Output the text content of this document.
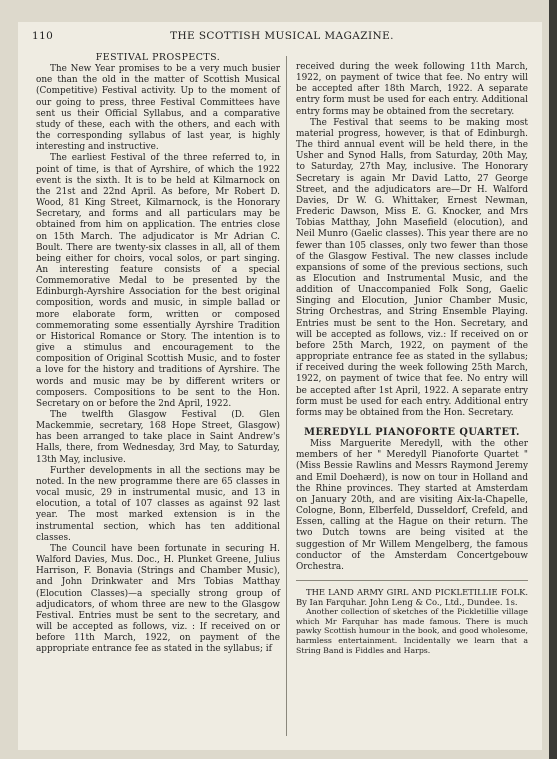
110	THE SCOTTISH MUSICAL MAGAZINE.
FESTIVAL PROSPECTS.

The New Year promises to be a very much busier one than the old in the matter of Scottish Musical (Competitive) Festival activity. Up to the moment of our going to press, three Festival Committees have sent us their Official Syllabus, and a comparative study of these, each with the others, and each with the corresponding syllabus of last year, is highly interesting and instructive.

The earliest Festival of the three referred to, in point of time, is that of Ayrshire, of which the 1922 event is the sixth. It is to be held at Kilmarnock on the 21st and 22nd April. As before, Mr Robert D. Wood, 81 King Street, Kilmarnock, is the Honorary Secretary, and forms and all particulars may be obtained from him on application. The entries close on 15th March. The adjudicator is Mr Adrian C. Boult. There are twenty-six classes in all, all of them being either for choirs, vocal solos, or part singing. An interesting feature consists of a special Commemorative Medal to be presented by the Edinburgh-Ayrshire Association for the best original composition, words and music, in simple ballad or more elaborate form, written or composed commemorating some essentially Ayrshire Tradition or Historical Romance or Story. The intention is to give a stimulus and encouragement to the composition of Original Scottish Music, and to foster a love for the history and traditions of Ayrshire. The words and music may be by different writers or composers. Compositions to be sent to the Hon. Secretary on or before the 2nd April, 1922.

The twelfth Glasgow Festival (D. Glen Mackemmie, secretary, 168 Hope Street, Glasgow) has been arranged to take place in Saint Andrew's Halls, there, from Wednesday, 3rd May, to Saturday, 13th May, inclusive.

Further developments in all the sections may be noted. In the new programme there are 65 classes in vocal music, 29 in instrumental music, and 13 in elocution, a total of 107 classes as against 92 last year. The most marked extension is in the instrumental section, which has ten additional classes.

The Council have been fortunate in securing H. Walford Davies, Mus. Doc., H. Plunket Greene, Julius Harrison, F. Bonavia (Strings and Chamber Music), and John Drinkwater and Mrs Tobias Matthay (Elocution Classes)—a specially strong group of adjudicators, of whom three are new to the Glasgow Festival. Entries must be sent to the secretary, and will be accepted as follows, viz. : If received on or before 11th March, 1922, on payment of the appropriate entrance fee as stated in the syllabus; if

received during the week following 11th March, 1922, on payment of twice that fee. No entry will be accepted after 18th March, 1922. A separate entry form must be used for each entry. Additional entry forms may be obtained from the secretary.

The Festival that seems to be making most material progress, however, is that of Edinburgh. The third annual event will be held there, in the Usher and Synod Halls, from Saturday, 20th May, to Saturday, 27th May, inclusive. The Honorary Secretary is again Mr David Latto, 27 George Street, and the adjudicators are—Dr H. Walford Davies, Dr W. G. Whittaker, Ernest Newman, Frederic Dawson, Miss E. G. Knocker, and Mrs Tobias Matthay, John Masefield (elocution), and Neil Munro (Gaelic classes). This year there are no fewer than 105 classes, only two fewer than those of the Glasgow Festival. The new classes include expansions of some of the previous sections, such as Elocution and Instrumental Music, and the addition of Unaccompanied Folk Song, Gaelic Singing and Elocution, Junior Chamber Music, String Orchestras, and String Ensemble Playing. Entries must be sent to the Hon. Secretary, and will be accepted as follows, viz.: If received on or before 25th March, 1922, on payment of the appropriate entrance fee as stated in the syllabus; if received during the week following 25th March, 1922, on payment of twice that fee. No entry will be accepted after 1st April, 1922. A separate entry form must be used for each entry. Additional entry forms may be obtained from the Hon. Secretary.

MEREDYLL PIANOFORTE QUARTET.

Miss Marguerite Meredyll, with the other members of her " Meredyll Pianoforte Quartet " (Miss Bessie Rawlins and Messrs Raymond Jeremy and Emil Doehærd), is now on tour in Holland and the Rhine provinces. They started at Amsterdam on January 20th, and are visiting Aix-la-Chapelle, Cologne, Bonn, Elberfeld, Dusseldorf, Crefeld, and Essen, calling at the Hague on their return. The two Dutch towns are being visited at the suggestion of Mr Willem Mengelberg, the famous conductor of the Amsterdam Concertgebouw Orchestra.

THE LAND ARMY GIRL AND PICKLETILLIE FOLK. By Ian Farquhar. John Leng & Co., Ltd., Dundee. 1s.

Another collection of sketches of the Pickletillie village which Mr Farquhar has made famous. There is much pawky Scottish humour in the book, and good wholesome, harmless entertainment. Incidentally we learn that a String Band is Fiddles and Harps.
